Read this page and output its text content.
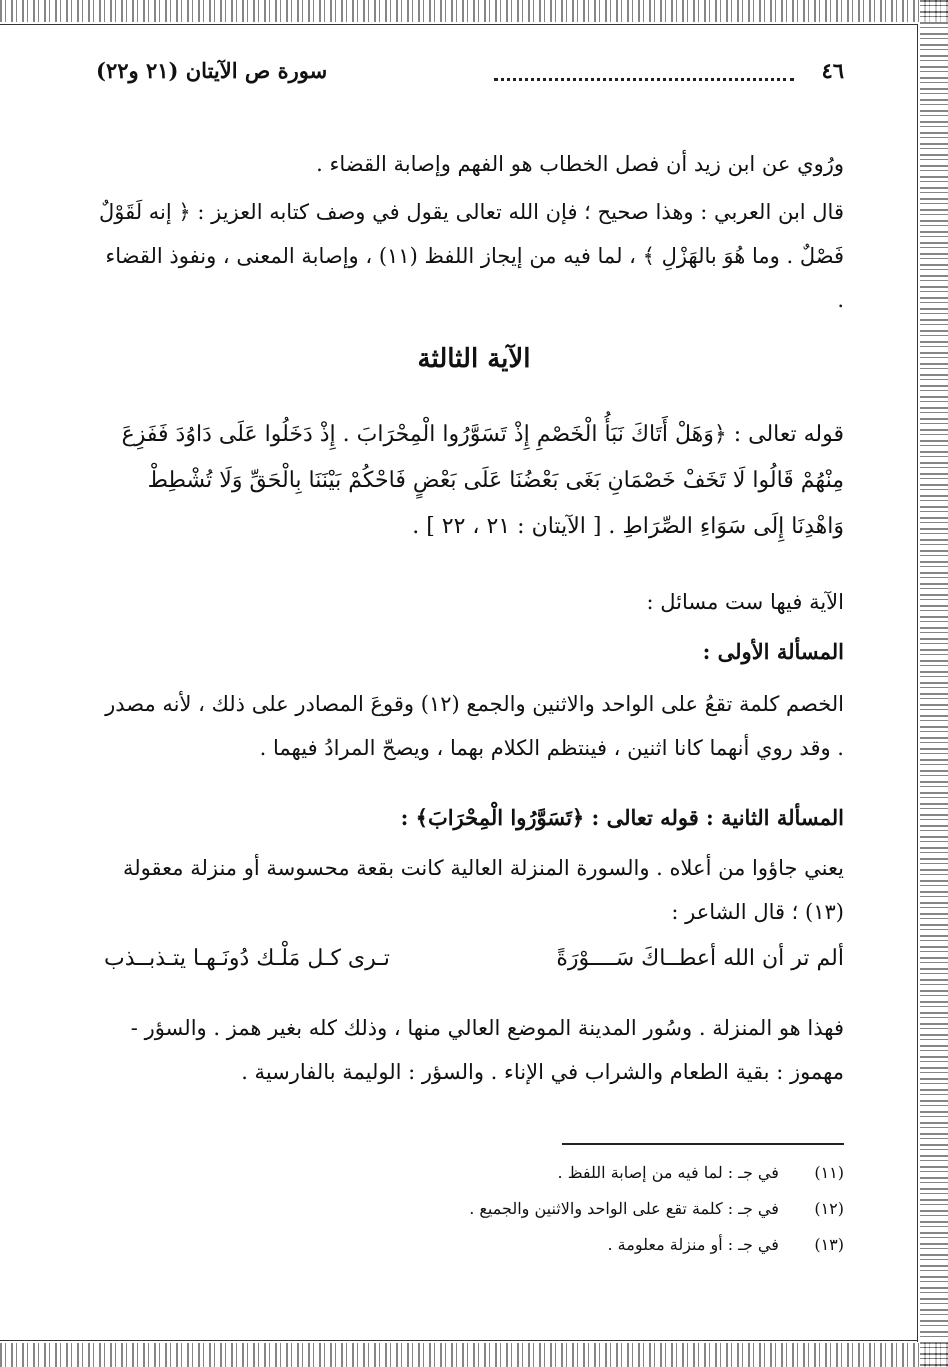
٤٦
سورة ص الآيتان (٢١ و٢٢)
ورُوي عن ابن زيد أن فصل الخطاب هو الفهم وإصابة القضاء .
قال ابن العربي : وهذا صحيح ؛ فإن الله تعالى يقول في وصف كتابه العزيز : ﴿ إنه لَقَوْلٌ فَصْلٌ . وما هُوَ بالهَزْلِ ﴾ ، لما فيه من إيجاز اللفظ (١١) ، وإصابة المعنى ، ونفوذ القضاء .
الآية الثالثة
قوله تعالى : ﴿وَهَلْ أَتَاكَ نَبَأُ الْخَصْمِ إِذْ تَسَوَّرُوا الْمِحْرَابَ . إِذْ دَخَلُوا عَلَى دَاوُدَ فَفَزِعَ مِنْهُمْ قَالُوا لَا تَخَفْ خَصْمَانِ بَغَى بَعْضُنَا عَلَى بَعْضٍ فَاحْكُمْ بَيْنَنَا بِالْحَقِّ وَلَا تُشْطِطْ وَاهْدِنَا إِلَى سَوَاءِ الصِّرَاطِ . [ الآيتان : ٢١ ، ٢٢ ] .
الآية فيها ست مسائل :
المسألة الأولى :
الخصم كلمة تقعُ على الواحد والاثنين والجمع (١٢) وقوعَ المصادر على ذلك ، لأنه مصدر . وقد روي أنهما كانا اثنين ، فينتظم الكلام بهما ، ويصحّ المرادُ فيهما .
المسألة الثانية : قوله تعالى : ﴿تَسَوَّرُوا الْمِحْرَابَ﴾ :
يعني جاؤوا من أعلاه . والسورة المنزلة العالية كانت بقعة محسوسة أو منزلة معقولة (١٣) ؛ قال الشاعر :
ألم تر أن الله أعطــاكَ سَــــوْرَةً
تـرى كـل مَلْـك دُونَـهـا يتـذبــذب
فهذا هو المنزلة . وسُور المدينة الموضع العالي منها ، وذلك كله بغير همز . والسؤر - مهموز : بقية الطعام والشراب في الإناء . والسؤر : الوليمة بالفارسية .
(١١) في جـ : لما فيه من إصابة اللفظ .
(١٢) في جـ : كلمة تقع على الواحد والاثنين والجميع .
(١٣) في جـ : أو منزلة معلومة .
